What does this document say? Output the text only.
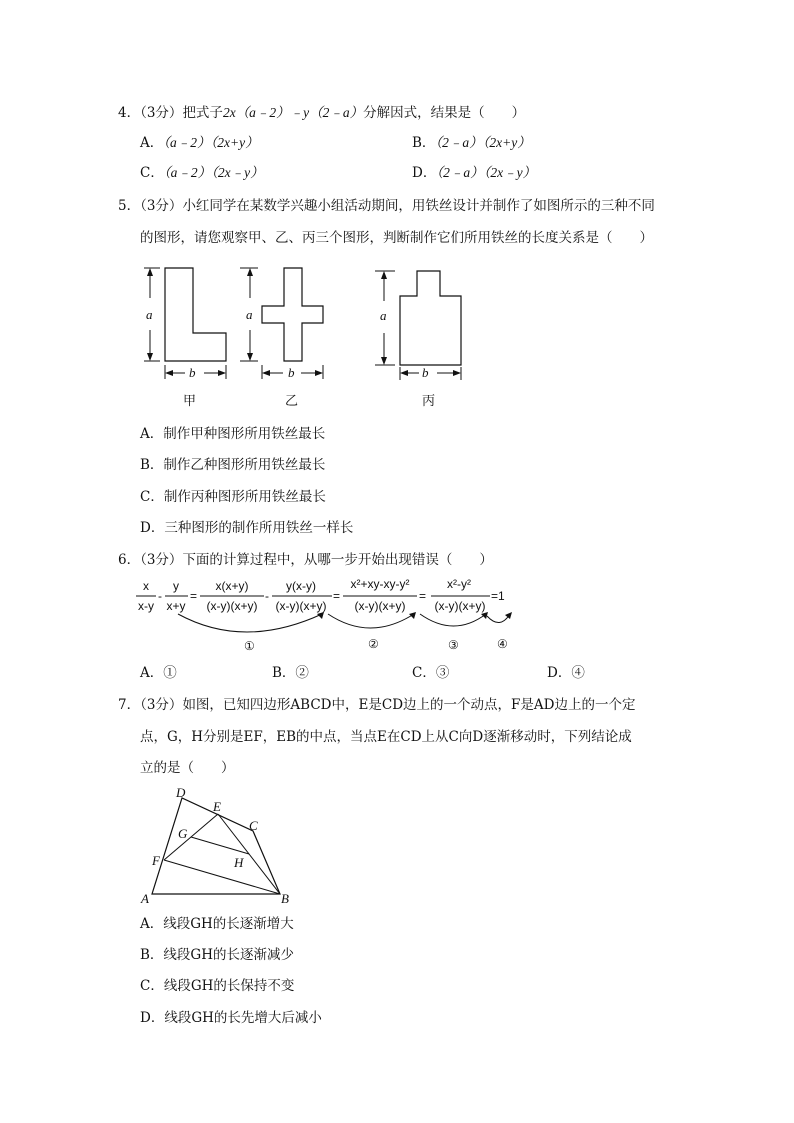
4．（3分）把式子2x（a﹣2）﹣y（2﹣a）分解因式，结果是（　　）
A．（a﹣2）（2x+y）	B．（2﹣a）（2x+y）
C．（a﹣2）（2x﹣y）	D．（2﹣a）（2x﹣y）
5．（3分）小红同学在某数学兴趣小组活动期间，用铁丝设计并制作了如图所示的三种不同
的图形，请您观察甲、乙、丙三个图形，判断制作它们所用铁丝的长度关系是（　　）
a
b
甲
a
b
乙
a
b
丙
A．制作甲种图形所用铁丝最长
B．制作乙种图形所用铁丝最长
C．制作丙种图形所用铁丝最长
D．三种图形的制作所用铁丝一样长
6．（3分）下面的计算过程中，从哪一步开始出现错误（　　）
x
x-y
-
y
x+y
=
x(x+y)
(x-y)(x+y)
-
y(x-y)
(x-y)(x+y)
=
x²+xy-xy-y²
(x-y)(x+y)
=
x²-y²
(x-y)(x+y)
=1
①	②	③	④
A．①	B．②	C．③	D．④
7．（3分）如图，已知四边形ABCD中，E是CD边上的一个动点，F是AD边上的一个定
点，G，H分别是EF，EB的中点，当点E在CD上从C向D逐渐移动时，下列结论成
立的是（　　）
D
E
C
G
F	H
A	B
A．线段GH的长逐渐增大
B．线段GH的长逐渐减少
C．线段GH的长保持不变
D．线段GH的长先增大后减小
